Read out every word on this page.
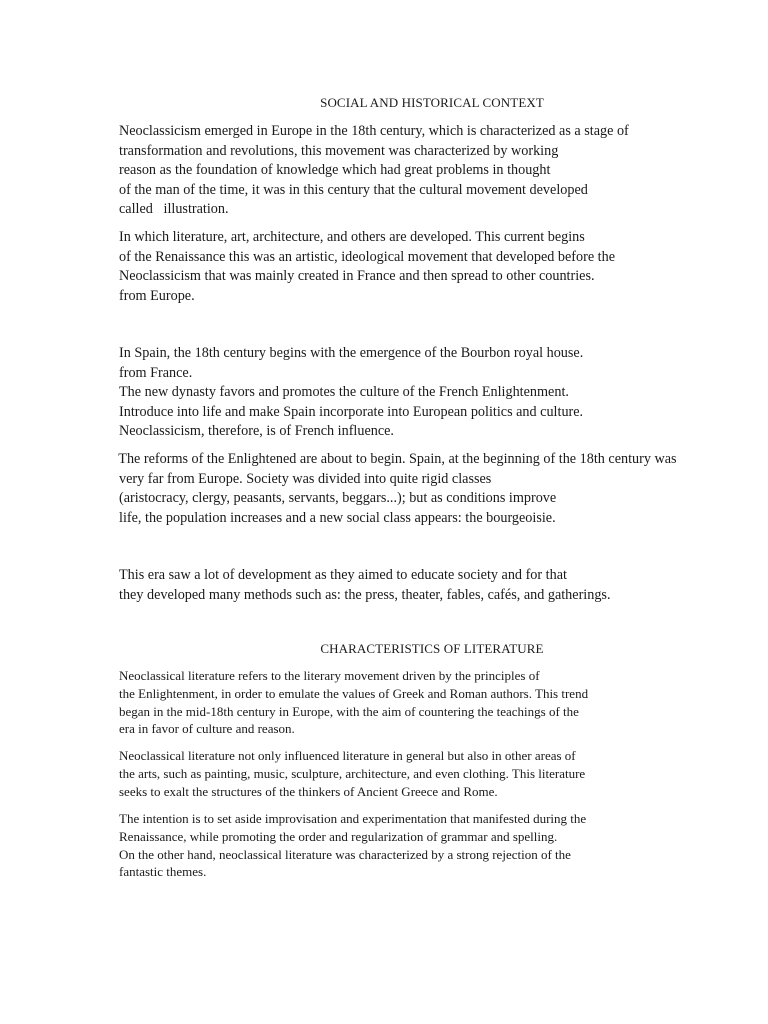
SOCIAL AND HISTORICAL CONTEXT

Neoclassicism emerged in Europe in the 18th century, which is characterized as a stage of
transformation and revolutions, this movement was characterized by working
reason as the foundation of knowledge which had great problems in thought
of the man of the time, it was in this century that the cultural movement developed
called   illustration.

In which literature, art, architecture, and others are developed. This current begins
of the Renaissance this was an artistic, ideological movement that developed before the
Neoclassicism that was mainly created in France and then spread to other countries.
from Europe.

In Spain, the 18th century begins with the emergence of the Bourbon royal house.
from France.
The new dynasty favors and promotes the culture of the French Enlightenment.
Introduce into life and make Spain incorporate into European politics and culture.
Neoclassicism, therefore, is of French influence.

The reforms of the Enlightened are about to begin. Spain, at the beginning of the 18th century was
very far from Europe. Society was divided into quite rigid classes
(aristocracy, clergy, peasants, servants, beggars...); but as conditions improve
life, the population increases and a new social class appears: the bourgeoisie.

This era saw a lot of development as they aimed to educate society and for that
they developed many methods such as: the press, theater, fables, cafés, and gatherings.

CHARACTERISTICS OF LITERATURE

Neoclassical literature refers to the literary movement driven by the principles of
the Enlightenment, in order to emulate the values of Greek and Roman authors. This trend
began in the mid-18th century in Europe, with the aim of countering the teachings of the
era in favor of culture and reason.

Neoclassical literature not only influenced literature in general but also in other areas of
the arts, such as painting, music, sculpture, architecture, and even clothing. This literature
seeks to exalt the structures of the thinkers of Ancient Greece and Rome.

The intention is to set aside improvisation and experimentation that manifested during the
Renaissance, while promoting the order and regularization of grammar and spelling.
On the other hand, neoclassical literature was characterized by a strong rejection of the
fantastic themes.
